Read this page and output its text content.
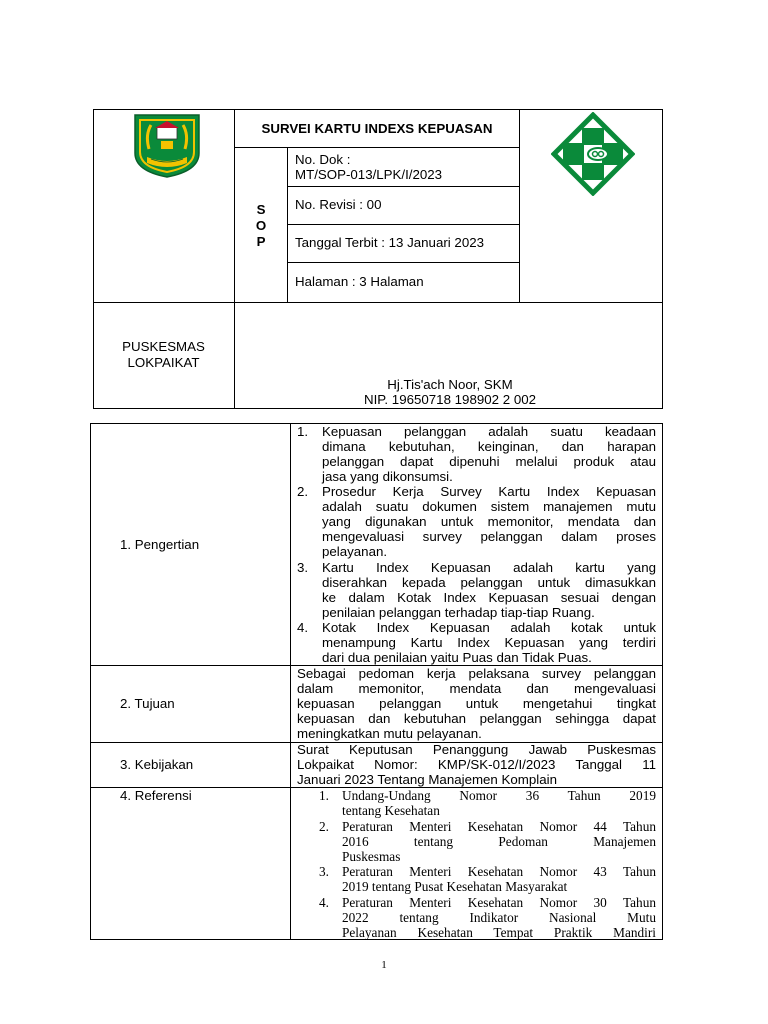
SURVEI KARTU INDEXS KEPUASAN
S
O
P
No. Dok :
MT/SOP-013/LPK/I/2023
No. Revisi : 00
Tanggal Terbit : 13 Januari 2023
Halaman : 3 Halaman
PUSKESMAS
LOKPAIKAT
Hj.Tis'ach Noor, SKM
NIP. 19650718 198902 2 002
1. Pengertian
1. Kepuasan pelanggan adalah suatu keadaan
dimana kebutuhan, keinginan, dan harapan
pelanggan dapat dipenuhi melalui produk atau
jasa yang dikonsumsi.
2. Prosedur Kerja Survey Kartu Index Kepuasan
adalah suatu dokumen sistem manajemen mutu
yang digunakan untuk memonitor, mendata dan
mengevaluasi survey pelanggan dalam proses
pelayanan.
3. Kartu Index Kepuasan adalah kartu yang
diserahkan kepada pelanggan untuk dimasukkan
ke dalam Kotak Index Kepuasan sesuai dengan
penilaian pelanggan terhadap tiap-tiap Ruang.
4. Kotak Index Kepuasan adalah kotak untuk
menampung Kartu Index Kepuasan yang terdiri
dari dua penilaian yaitu Puas dan Tidak Puas.
2. Tujuan
Sebagai pedoman kerja pelaksana survey pelanggan
dalam memonitor, mendata dan mengevaluasi
kepuasan pelanggan untuk mengetahui tingkat
kepuasan dan kebutuhan pelanggan sehingga dapat
meningkatkan mutu pelayanan.
3. Kebijakan
Surat Keputusan Penanggung Jawab Puskesmas
Lokpaikat Nomor: KMP/SK-012/I/2023 Tanggal 11
Januari 2023 Tentang Manajemen Komplain
4. Referensi	1. Undang-Undang Nomor 36 Tahun 2019
tentang Kesehatan
2. Peraturan Menteri Kesehatan Nomor 44 Tahun
2016 tentang Pedoman Manajemen
Puskesmas
3. Peraturan Menteri Kesehatan Nomor 43 Tahun
2019 tentang Pusat Kesehatan Masyarakat
4. Peraturan Menteri Kesehatan Nomor 30 Tahun
2022 tentang Indikator Nasional Mutu
Pelayanan Kesehatan Tempat Praktik Mandiri
1
